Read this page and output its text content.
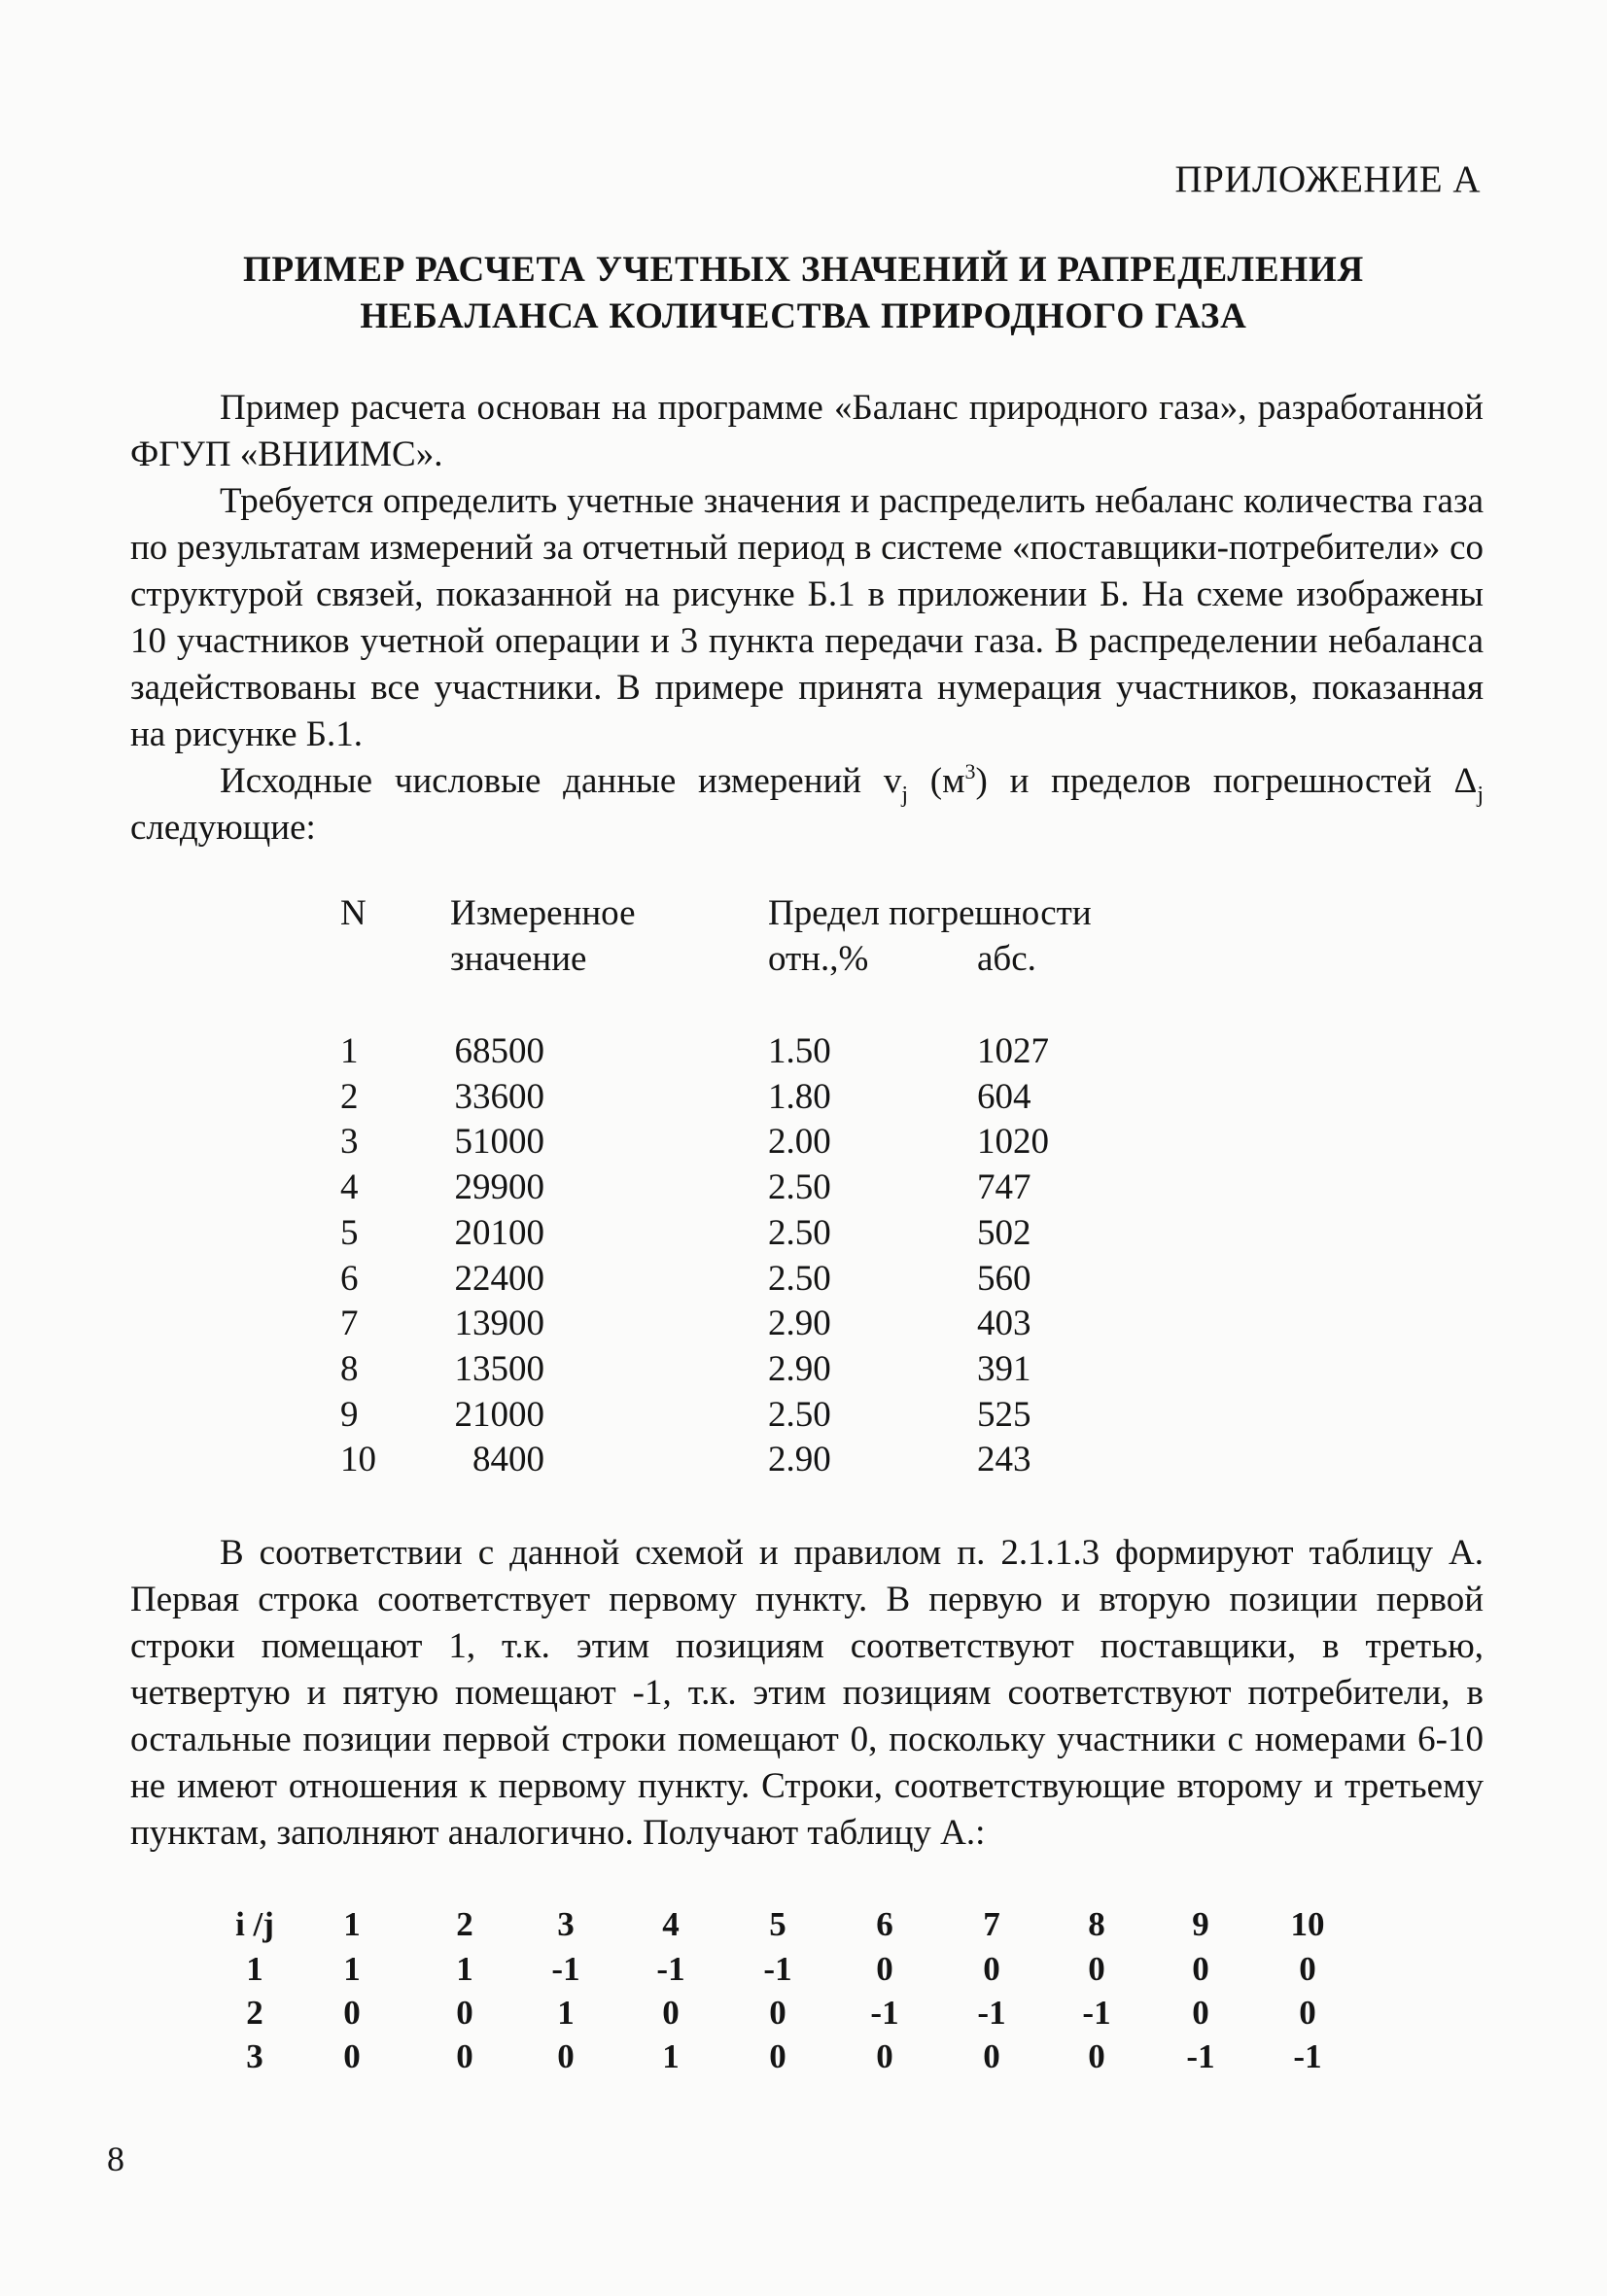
ПРИЛОЖЕНИЕ А
ПРИМЕР РАСЧЕТА УЧЕТНЫХ ЗНАЧЕНИЙ И РАПРЕДЕЛЕНИЯ
НЕБАЛАНСА КОЛИЧЕСТВА ПРИРОДНОГО ГАЗА
Пример расчета основан на программе «Баланс природного газа», разработанной ФГУП «ВНИИМС».
Требуется определить учетные значения и распределить небаланс количества газа по результатам измерений за отчетный период в системе «поставщики-потребители» со структурой связей, показанной на рисунке Б.1 в приложении Б. На схеме изображены 10 участников учетной операции и 3 пункта передачи газа. В распределении небаланса задействованы все участники. В примере принята нумерация участников, показанная на рисунке Б.1.
Исходные числовые данные измерений $v_j$ $(м^3)$ и пределов погрешностей $\Delta_j$ следующие:
N Измеренное
значение
Предел погрешности
отн.,%	абс.
1	68500	1.50	1027
2	33600	1.80	604
3	51000	2.00	1020
4	29900	2.50	747
5	20100	2.50	502
6	22400	2.50	560
7	13900	2.90	403
8	13500	2.90	391
9	21000	2.50	525
10	8400	2.90	243
В соответствии с данной схемой и правилом п. 2.1.1.3 формируют таблицу А. Первая строка соответствует первому пункту. В первую и вторую позиции первой строки помещают 1, т.к. этим позициям соответствуют поставщики, в третью, четвертую и пятую помещают -1, т.к. этим позициям соответствуют потребители, в остальные позиции первой строки помещают 0, поскольку участники с номерами 6-10 не имеют отношения к первому пункту. Строки, соответствующие второму и третьему пунктам, заполняют аналогично. Получают таблицу А.:
i /j	1	2	3	4	5	6	7	8	9	10
1	1	1	-1	-1	-1	0	0	0	0	0
2	0	0	1	0	0	-1	-1	-1	0	0
3	0	0	0	1	0	0	0	0	-1	-1
8
